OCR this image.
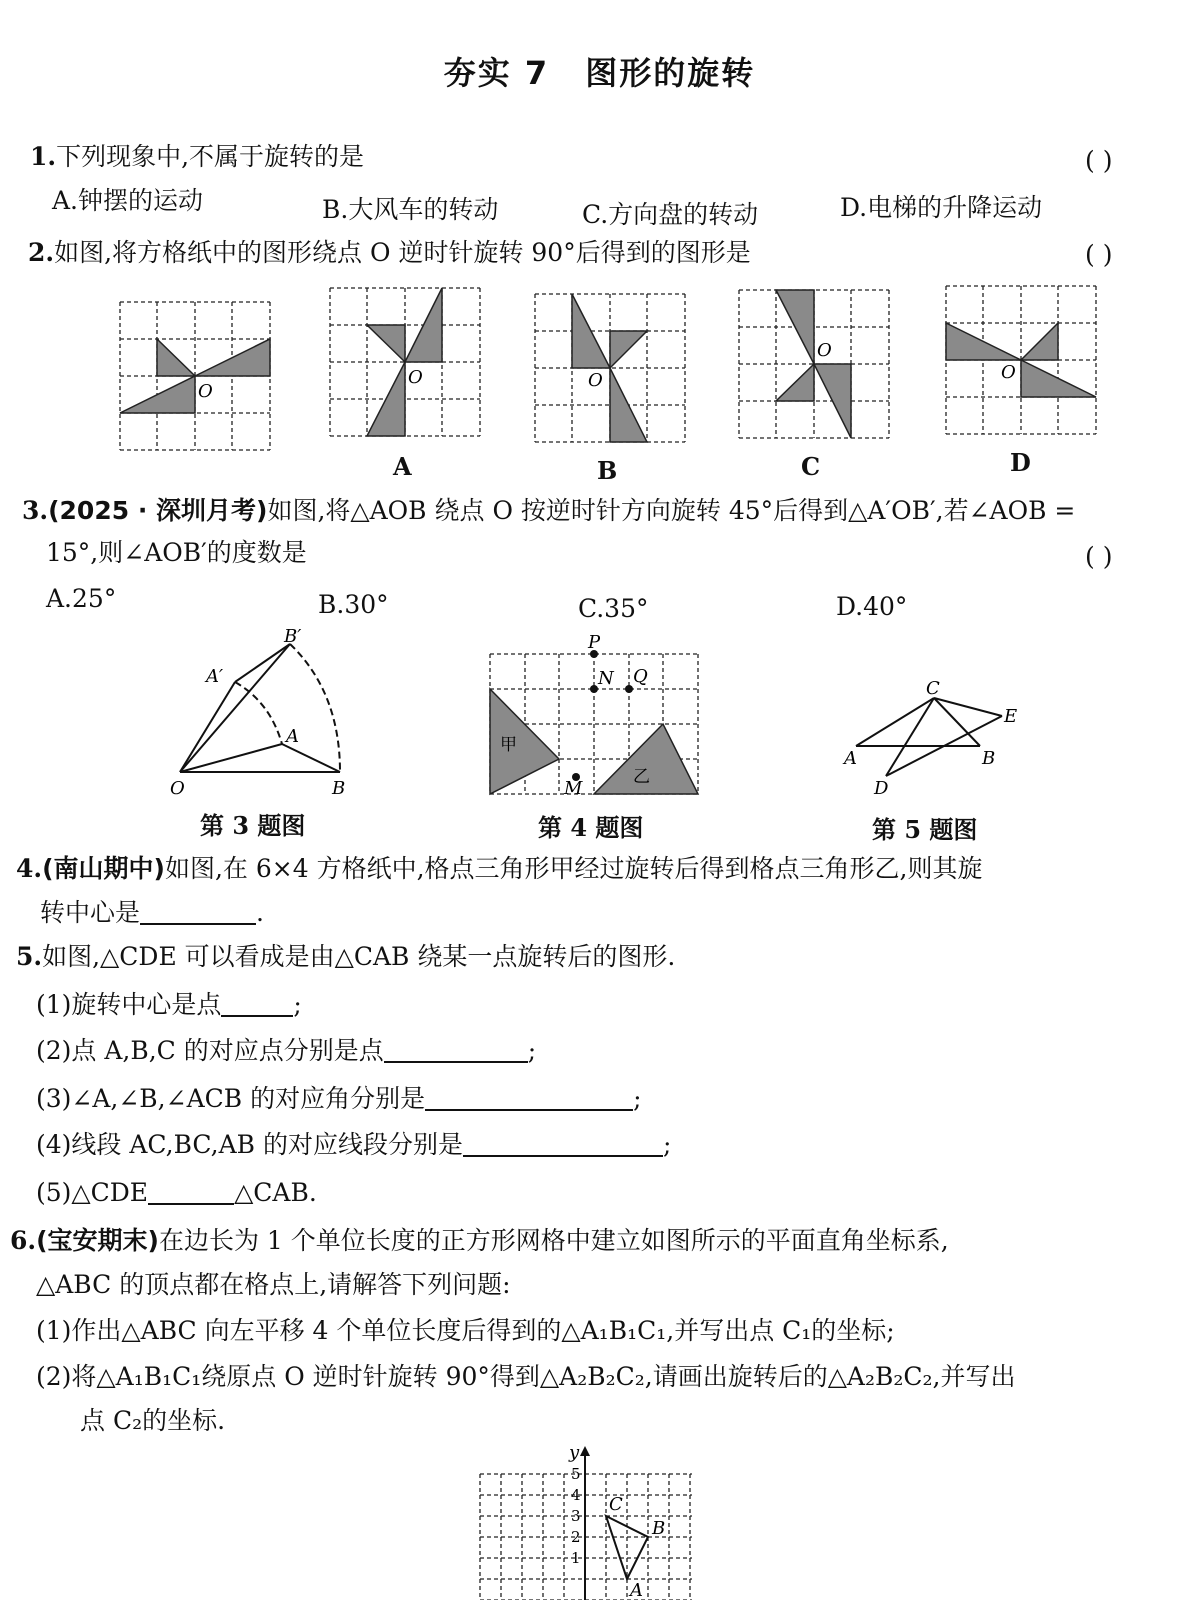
夯实 7 图形的旋转
1.下列现象中,不属于旋转的是	( )
A.钟摆的运动	B.大风车的转动	C.方向盘的转动	D.电梯的升降运动
2.如图,将方格纸中的图形绕点 O 逆时针旋转 90°后得到的图形是	( )
O
O
A
O
B
O
C
O
D
3.(2025 · 深圳月考)如图,将△AOB 绕点 O 按逆时针方向旋转 45°后得到△A′OB′,若∠AOB =
15°,则∠AOB′的度数是	( )
A.25°	B.30°	C.35°	D.40°
O	B
A
A′
B′
第 3 题图
P
N Q
M
甲
乙
第 4 题图
C
E
A	B
D
第 5 题图
4.(南山期中)如图,在 6×4 方格纸中,格点三角形甲经过旋转后得到格点三角形乙,则其旋
转中心是	.
5.如图,△CDE 可以看成是由△CAB 绕某一点旋转后的图形.
(1)旋转中心是点	;
(2)点 A,B,C 的对应点分别是点	;
(3)∠A,∠B,∠ACB 的对应角分别是	;
(4)线段 AC,BC,AB 的对应线段分别是	;
(5)△CDE	△CAB.
6.(宝安期末)在边长为 1 个单位长度的正方形网格中建立如图所示的平面直角坐标系,
△ABC 的顶点都在格点上,请解答下列问题:
(1)作出△ABC 向左平移 4 个单位长度后得到的△A₁B₁C₁,并写出点 C₁的坐标;
(2)将△A₁B₁C₁绕原点 O 逆时针旋转 90°得到△A₂B₂C₂,请画出旋转后的△A₂B₂C₂,并写出
点 C₂的坐标.
y
5
4
3
2
1
C
B
A
